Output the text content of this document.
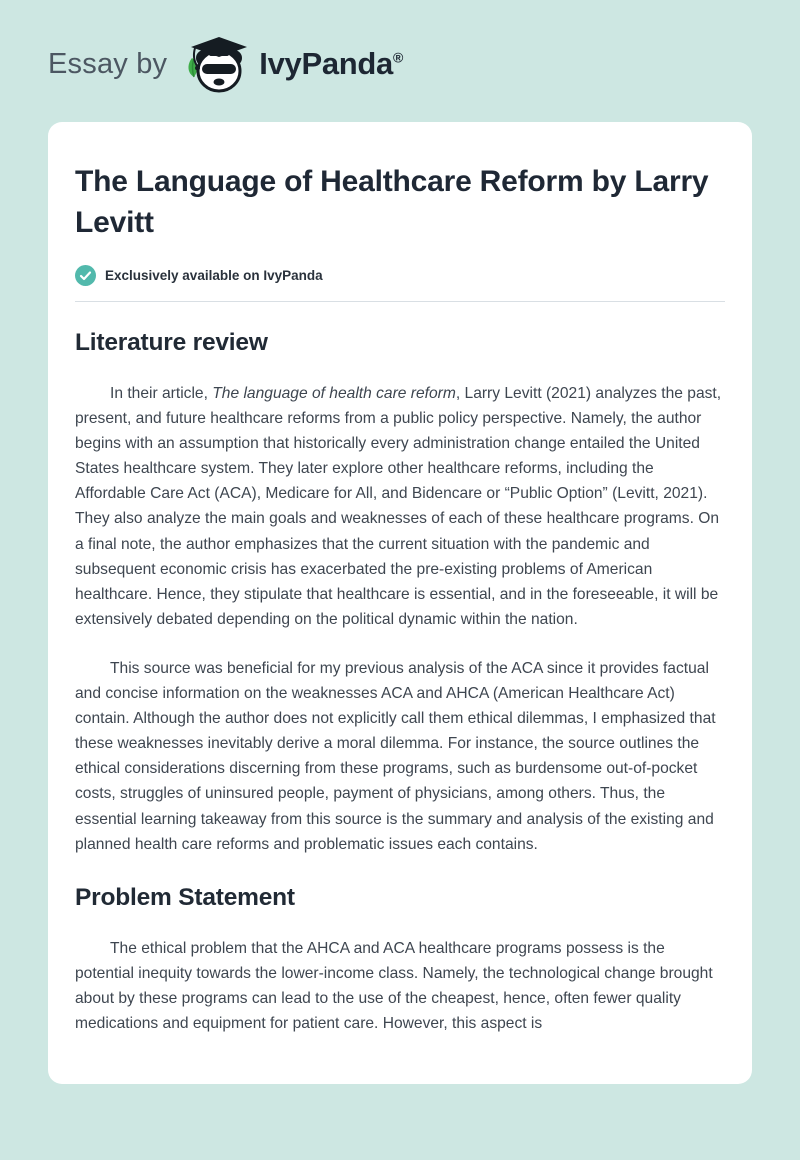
Essay by	IvyPanda®
The Language of Healthcare Reform by Larry Levitt
Exclusively available on IvyPanda
Literature review

In their article, The language of health care reform, Larry Levitt (2021) analyzes the past, present, and future healthcare reforms from a public policy perspective. Namely, the author begins with an assumption that historically every administration change entailed the United States healthcare system. They later explore other healthcare reforms, including the Affordable Care Act (ACA), Medicare for All, and Bidencare or “Public Option” (Levitt, 2021). They also analyze the main goals and weaknesses of each of these healthcare programs. On a final note, the author emphasizes that the current situation with the pandemic and subsequent economic crisis has exacerbated the pre-existing problems of American healthcare. Hence, they stipulate that healthcare is essential, and in the foreseeable, it will be extensively debated depending on the political dynamic within the nation.

This source was beneficial for my previous analysis of the ACA since it provides factual and concise information on the weaknesses ACA and AHCA (American Healthcare Act) contain. Although the author does not explicitly call them ethical dilemmas, I emphasized that these weaknesses inevitably derive a moral dilemma. For instance, the source outlines the ethical considerations discerning from these programs, such as burdensome out-of-pocket costs, struggles of uninsured people, payment of physicians, among others. Thus, the essential learning takeaway from this source is the summary and analysis of the existing and planned health care reforms and problematic issues each contains.

Problem Statement

The ethical problem that the AHCA and ACA healthcare programs possess is the potential inequity towards the lower-income class. Namely, the technological change brought about by these programs can lead to the use of the cheapest, hence, often fewer quality medications and equipment for patient care. However, this aspect is
